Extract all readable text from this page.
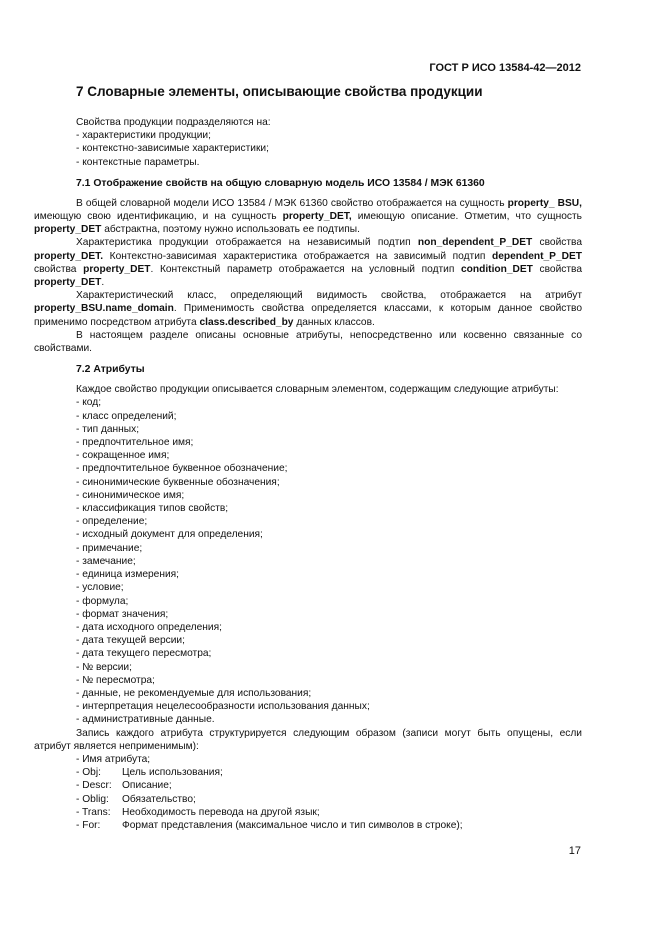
ГОСТ Р ИСО 13584-42—2012
7 Словарные элементы, описывающие свойства продукции

Свойства продукции подразделяются на:

- характеристики продукции;
- контекстно-зависимые характеристики;
- контекстные параметры.
7.1 Отображение свойств на общую словарную модель ИСО 13584 / МЭК 61360

В общей словарной модели ИСО 13584 / МЭК 61360 свойство отображается на сущность property_ BSU, имеющую свою идентификацию, и на сущность property_DET, имеющую описание. Отметим, что сущность property_DET абстрактна, поэтому нужно использовать ее подтипы.

Характеристика продукции отображается на независимый подтип non_dependent_P_DET свойства property_DET. Контекстно-зависимая характеристика отображается на зависимый подтип dependent_P_DET свойства property_DET. Контекстный параметр отображается на условный подтип condition_DET свойства property_DET.

Характеристический класс, определяющий видимость свойства, отображается на атрибут property_BSU.name_domain. Применимость свойства определяется классами, к которым данное свойство применимо посредством атрибута class.described_by данных классов.

В настоящем разделе описаны основные атрибуты, непосредственно или косвенно связанные со свойствами.

7.2 Атрибуты

Каждое свойство продукции описывается словарным элементом, содержащим следующие атрибуты:

- код;
- класс определений;
- тип данных;
- предпочтительное имя;
- сокращенное имя;
- предпочтительное буквенное обозначение;
- синонимические буквенные обозначения;
- синонимическое имя;
- классификация типов свойств;
- определение;
- исходный документ для определения;
- примечание;
- замечание;
- единица измерения;
- условие;
- формула;
- формат значения;
- дата исходного определения;
- дата текущей версии;
- дата текущего пересмотра;
- № версии;
- № пересмотра;
- данные, не рекомендуемые для использования;
- интерпретация нецелесообразности использования данных;
- административные данные.

Запись каждого атрибута структурируется следующим образом (записи могут быть опущены, если атрибут является неприменимым):

- Имя атрибута;
- Obj:	Цель использования;
- Descr:	Описание;
- Oblig:	Обязательство;
- Trans:	Необходимость перевода на другой язык;
- For:	Формат представления (максимальное число и тип символов в строке);
17
